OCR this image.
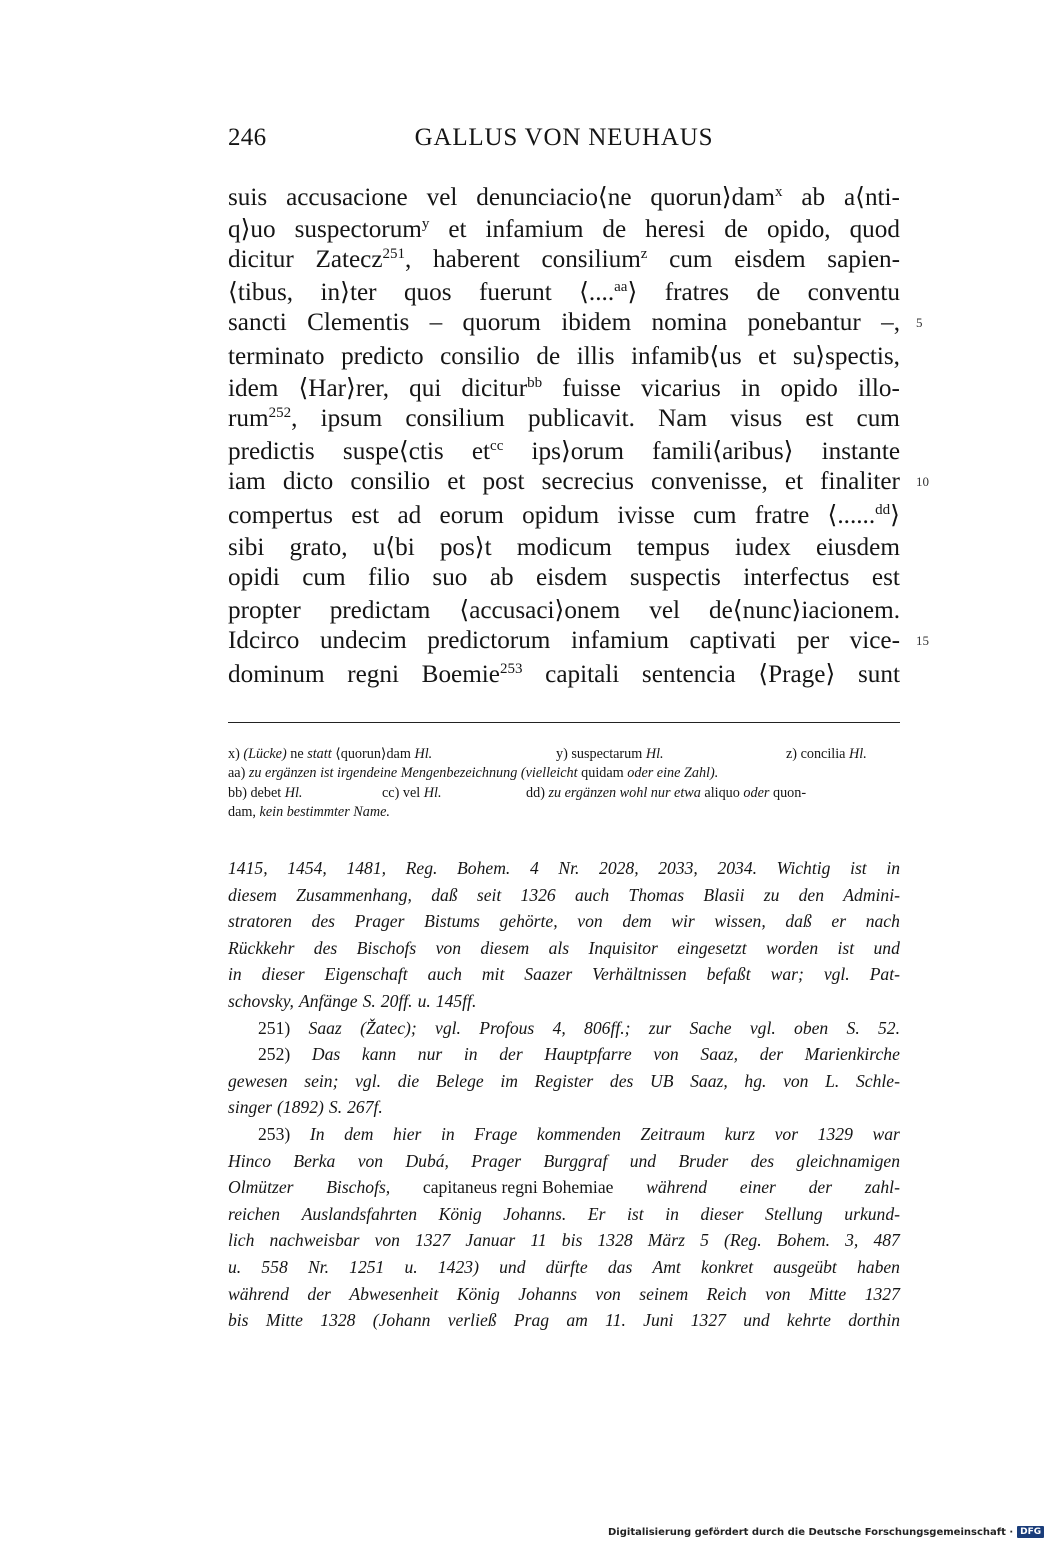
246	GALLUS VON NEUHAUS
suis accusacione vel denunciacio⟨ne quorun⟩dam$^x$ ab a⟨nti-
q⟩uo suspectorum$^y$ et infamium de heresi de opido, quod
dicitur Zatecz$^{251}$, haberent consilium$^z$ cum eisdem sapien-
⟨tibus, in⟩ter quos fuerunt ⟨....$^{aa}$⟩ fratres de conventu
sancti Clementis – quorum ibidem nomina ponebantur –, 5
terminato predicto consilio de illis infamib⟨us et su⟩spectis,
idem ⟨Har⟩rer, qui dicitur$^{bb}$ fuisse vicarius in opido illo-
rum$^{252}$, ipsum consilium publicavit. Nam visus est cum
predictis suspe⟨ctis $et^{cc}$ ips⟩orum famili⟨aribus⟩ instante
iam dicto consilio et post secrecius convenisse, et finaliter 10
compertus est ad eorum opidum ivisse cum fratre ⟨......$^{dd}$⟩
sibi grato, u⟨bi pos⟩t modicum tempus iudex eiusdem
opidi cum filio suo ab eisdem suspectis interfectus est
propter predictam ⟨accusaci⟩onem vel de⟨nunc⟩iacionem.
Idcirco undecim predictorum infamium captivati per vice- 15
dominum regni Boemie$^{253}$ capitali sentencia ⟨Prage⟩ sunt
x) (Lücke) ne statt ⟨quorun⟩dam Hl.	y) suspectarum Hl.	z) concilia Hl.
aa) zu ergänzen ist irgendeine Mengenbezeichnung (vielleicht quidam oder eine Zahl).
bb) debet Hl.	cc) vel Hl.	dd) zu ergänzen wohl nur etwa aliquo oder quon-
dam, kein bestimmter Name.
1415, 1454, 1481, Reg. Bohem. 4 Nr. 2028, 2033, 2034. Wichtig ist in
diesem Zusammenhang, daß seit 1326 auch Thomas Blasii zu den Admini-
stratoren des Prager Bistums gehörte, von dem wir wissen, daß er nach
Rückkehr des Bischofs von diesem als Inquisitor eingesetzt worden ist und
in dieser Eigenschaft auch mit Saazer Verhältnissen befaßt war; vgl. Pat-
schovsky, Anfänge S. 20ff. u. 145ff.
251) Saaz (Žatec); vgl. Profous 4, 806ff.; zur Sache vgl. oben S. 52.
252) Das kann nur in der Hauptpfarre von Saaz, der Marienkirche
gewesen sein; vgl. die Belege im Register des UB Saaz, hg. von L. Schle-
singer (1892) S. 267f.
253) In dem hier in Frage kommenden Zeitraum kurz vor 1329 war
Hinco Berka von Dubá, Prager Burggraf und Bruder des gleichnamigen
Olmützer Bischofs, capitaneus regni Bohemiae während einer der zahl-
reichen Auslandsfahrten König Johanns. Er ist in dieser Stellung urkund-
lich nachweisbar von 1327 Januar 11 bis 1328 März 5 (Reg. Bohem. 3, 487
u. 558 Nr. 1251 u. 1423) und dürfte das Amt konkret ausgeübt haben
während der Abwesenheit König Johanns von seinem Reich von Mitte 1327
bis Mitte 1328 (Johann verließ Prag am 11. Juni 1327 und kehrte dorthin
Digitalisierung gefördert durch die Deutsche Forschungsgemeinschaft · DFG
